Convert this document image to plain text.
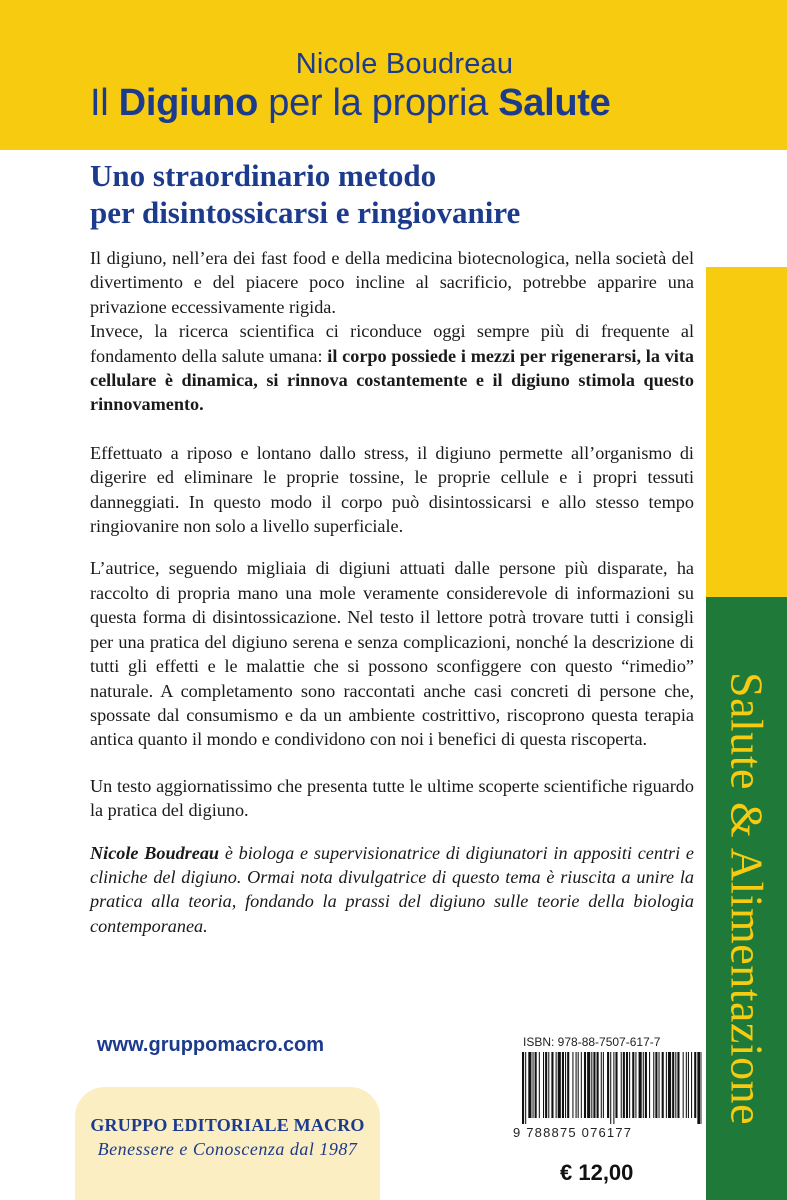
Nicole Boudreau
Il Digiuno per la propria Salute
Salute & Alimentazione
Uno straordinario metodo
per disintossicarsi e ringiovanire

Il digiuno, nell’era dei fast food e della medicina biotecnologica, nella società del divertimento e del piacere poco incline al sacrificio, potrebbe apparire una privazione eccessivamente rigida.

Invece, la ricerca scientifica ci riconduce oggi sempre più di frequente al fondamento della salute umana: il corpo possiede i mezzi per rigenerarsi, la vita cellulare è dinamica, si rinnova costantemente e il digiuno stimola questo rinnovamento.

Effettuato a riposo e lontano dallo stress, il digiuno permette all’organismo di digerire ed eliminare le proprie tossine, le proprie cellule e i propri tessuti danneggiati. In questo modo il corpo può disintossicarsi e allo stesso tempo ringiovanire non solo a livello superficiale.

L’autrice, seguendo migliaia di digiuni attuati dalle persone più disparate, ha raccolto di propria mano una mole veramente considerevole di informazioni su questa forma di disintossicazione. Nel testo il lettore potrà trovare tutti i consigli per una pratica del digiuno serena e senza complicazioni, nonché la descrizione di tutti gli effetti e le malattie che si possono sconfiggere con questo “rimedio” naturale. A completamento sono raccontati anche casi concreti di persone che, spossate dal consumismo e da un ambiente costrittivo, riscoprono questa terapia antica quanto il mondo e condividono con noi i benefici di questa riscoperta.

Un testo aggiornatissimo che presenta tutte le ultime scoperte scientifiche riguardo la pratica del digiuno.

Nicole Boudreau è biologa e supervisionatrice di digiunatori in appositi centri e cliniche del digiuno. Ormai nota divulgatrice di questo tema è riuscita a unire la pratica alla teoria, fondando la prassi del digiuno sulle teorie della biologia contemporanea.

www.gruppomacro.com
GRUPPO EDITORIALE MACRO
Benessere e Conoscenza dal 1987
ISBN: 978-88-7507-617-7
9 788875 076177
€ 12,00
